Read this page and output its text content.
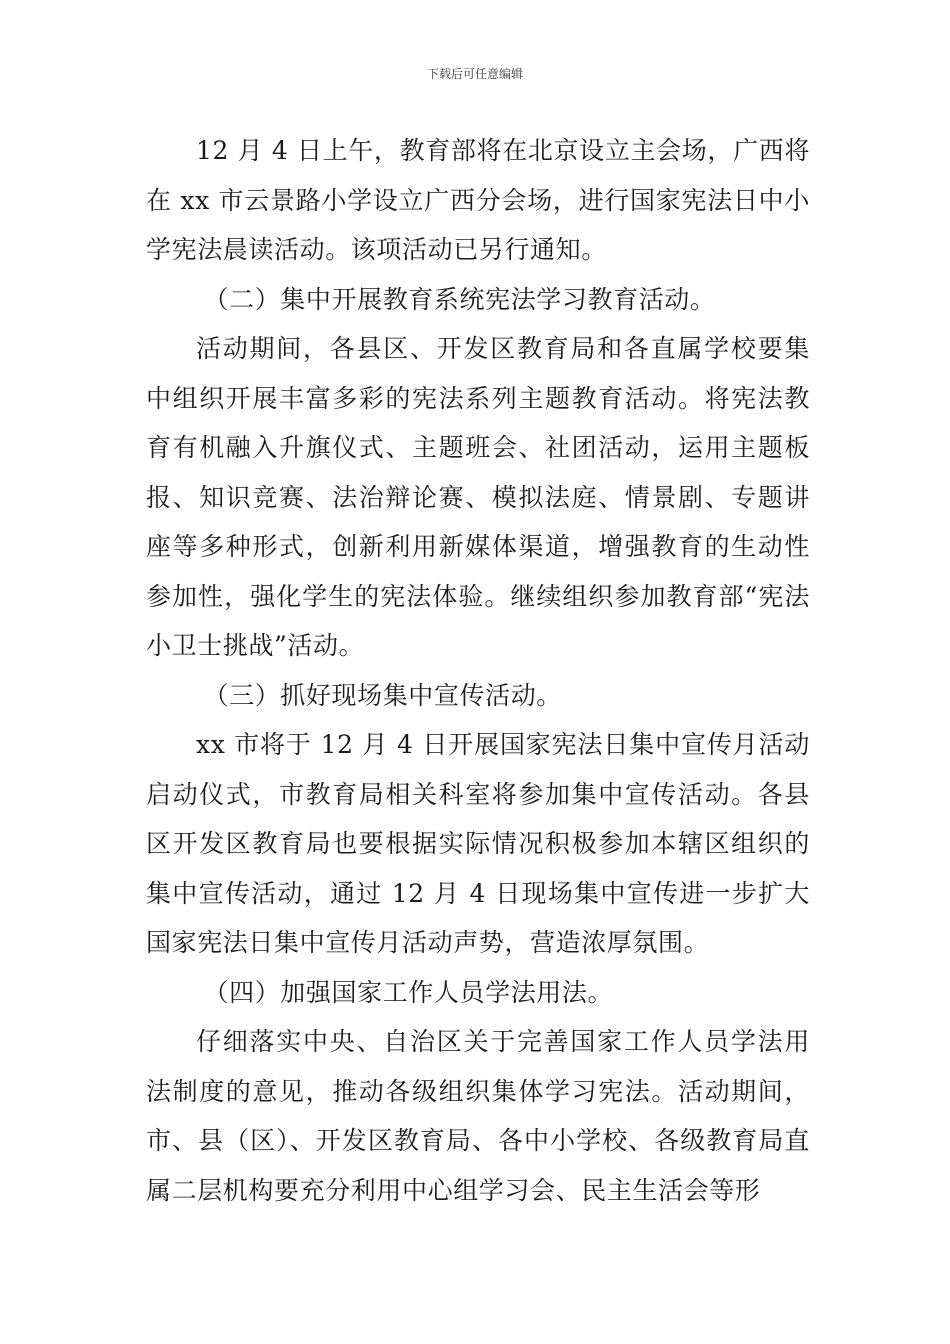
下载后可任意编辑

12 月 4 日上午，教育部将在北京设立主会场，广西将在 xx 市云景路小学设立广西分会场，进行国家宪法日中小学宪法晨读活动。该项活动已另行通知。

（二）集中开展教育系统宪法学习教育活动。

活动期间，各县区、开发区教育局和各直属学校要集中组织开展丰富多彩的宪法系列主题教育活动。将宪法教育有机融入升旗仪式、主题班会、社团活动，运用主题板报、知识竞赛、法治辩论赛、模拟法庭、情景剧、专题讲座等多种形式，创新利用新媒体渠道，增强教育的生动性参加性，强化学生的宪法体验。继续组织参加教育部“宪法小卫士挑战”活动。

（三）抓好现场集中宣传活动。

xx 市将于 12 月 4 日开展国家宪法日集中宣传月活动启动仪式，市教育局相关科室将参加集中宣传活动。各县区开发区教育局也要根据实际情况积极参加本辖区组织的集中宣传活动，通过 12 月 4 日现场集中宣传进一步扩大国家宪法日集中宣传月活动声势，营造浓厚氛围。

（四）加强国家工作人员学法用法。

仔细落实中央、自治区关于完善国家工作人员学法用法制度的意见，推动各级组织集体学习宪法。活动期间，市、县（区）、开发区教育局、各中小学校、各级教育局直属二层机构要充分利用中心组学习会、民主生活会等形
